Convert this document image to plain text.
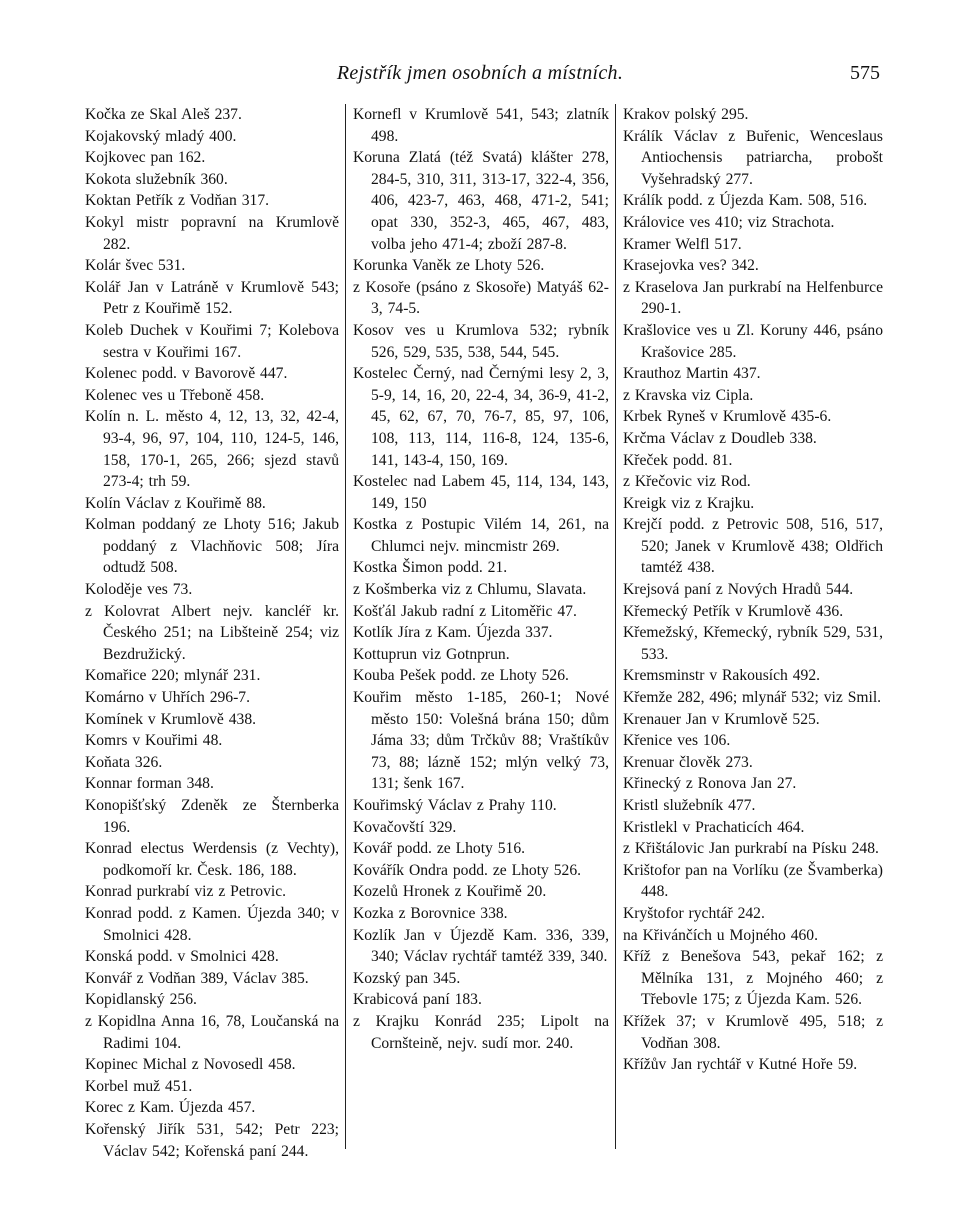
Rejstřík jmen osobních a místních.	575
Kočka ze Skal Aleš 237.
Kojakovský mladý 400.
Kojkovec pan 162.
Kokota služebník 360.
Koktan Petřík z Vodňan 317.
Kokyl mistr popravní na Krumlově 282.
Kolár švec 531.
Kolář Jan v Latráně v Krumlově 543; Petr z Kouřimě 152.
Koleb Duchek v Kouřimi 7; Kolebova sestra v Kouřimi 167.
Kolenec podd. v Bavorově 447.
Kolenec ves u Třeboně 458.
Kolín n. L. město 4, 12, 13, 32, 42-4, 93-4, 96, 97, 104, 110, 124-5, 146, 158, 170-1, 265, 266; sjezd stavů 273-4; trh 59.
Kolín Václav z Kouřimě 88.
Kolman poddaný ze Lhoty 516; Jakub poddaný z Vlachňovic 508; Jíra odtudž 508.
Koloděje ves 73.
z Kolovrat Albert nejv. kancléř kr. Českého 251; na Libšteině 254; viz Bezdružický.
Komařice 220; mlynář 231.
Komárno v Uhřích 296-7.
Komínek v Krumlově 438.
Komrs v Kouřimi 48.
Koňata 326.
Konnar forman 348.
Konopišťský Zdeněk ze Šternberka 196.
Konrad electus Werdensis (z Vechty), podkomoří kr. Česk. 186, 188.
Konrad purkrabí viz z Petrovic.
Konrad podd. z Kamen. Újezda 340; v Smolnici 428.
Konská podd. v Smolnici 428.
Konvář z Vodňan 389, Václav 385.
Kopidlanský 256.
z Kopidlna Anna 16, 78, Loučanská na Radimi 104.
Kopinec Michal z Novosedl 458.
Korbel muž 451.
Korec z Kam. Újezda 457.
Kořenský Jiřík 531, 542; Petr 223; Václav 542; Kořenská paní 244.
Kornefl v Krumlově 541, 543; zlatník 498.
Koruna Zlatá (též Svatá) klášter 278, 284-5, 310, 311, 313-17, 322-4, 356, 406, 423-7, 463, 468, 471-2, 541; opat 330, 352-3, 465, 467, 483, volba jeho 471-4; zboží 287-8.
Korunka Vaněk ze Lhoty 526.
z Kosoře (psáno z Skosoře) Matyáš 62-3, 74-5.
Kosov ves u Krumlova 532; rybník 526, 529, 535, 538, 544, 545.
Kostelec Černý, nad Černými lesy 2, 3, 5-9, 14, 16, 20, 22-4, 34, 36-9, 41-2, 45, 62, 67, 70, 76-7, 85, 97, 106, 108, 113, 114, 116-8, 124, 135-6, 141, 143-4, 150, 169.
Kostelec nad Labem 45, 114, 134, 143, 149, 150
Kostka z Postupic Vilém 14, 261, na Chlumci nejv. mincmistr 269.
Kostka Šimon podd. 21.
z Košmberka viz z Chlumu, Slavata.
Košťál Jakub radní z Litoměřic 47.
Kotlík Jíra z Kam. Újezda 337.
Kottuprun viz Gotnprun.
Kouba Pešek podd. ze Lhoty 526.
Kouřim město 1-185, 260-1; Nové město 150: Volešná brána 150; dům Jáma 33; dům Trčkův 88; Vraštíkův 73, 88; lázně 152; mlýn velký 73, 131; šenk 167.
Kouřimský Václav z Prahy 110.
Kovačovští 329.
Kovář podd. ze Lhoty 516.
Kovářík Ondra podd. ze Lhoty 526.
Kozelů Hronek z Kouřimě 20.
Kozka z Borovnice 338.
Kozlík Jan v Újezdě Kam. 336, 339, 340; Václav rychtář tamtéž 339, 340.
Kozský pan 345.
Krabicová paní 183.
z Krajku Konrád 235; Lipolt na Cornšteině, nejv. sudí mor. 240.
Krakov polský 295.
Králík Václav z Buřenic, Wenceslaus Antiochensis patriarcha, probošt Vyšehradský 277.
Králík podd. z Újezda Kam. 508, 516.
Královice ves 410; viz Strachota.
Kramer Welfl 517.
Krasejovka ves? 342.
z Kraselova Jan purkrabí na Helfenburce 290-1.
Krašlovice ves u Zl. Koruny 446, psáno Krašovice 285.
Krauthoz Martin 437.
z Kravska viz Cipla.
Krbek Ryneš v Krumlově 435-6.
Krčma Václav z Doudleb 338.
Křeček podd. 81.
z Křečovic viz Rod.
Kreigk viz z Krajku.
Krejčí podd. z Petrovic 508, 516, 517, 520; Janek v Krumlově 438; Oldřich tamtéž 438.
Krejsová paní z Nových Hradů 544.
Křemecký Petřík v Krumlově 436.
Křemežský, Křemecký, rybník 529, 531, 533.
Kremsminstr v Rakousích 492.
Křemže 282, 496; mlynář 532; viz Smil.
Krenauer Jan v Krumlově 525.
Křenice ves 106.
Krenuar člověk 273.
Křinecký z Ronova Jan 27.
Kristl služebník 477.
Kristlekl v Prachaticích 464.
z Křištálovic Jan purkrabí na Písku 248.
Krištofor pan na Vorlíku (ze Švamberka) 448.
Kryštofor rychtář 242.
na Křivánčích u Mojného 460.
Kříž z Benešova 543, pekař 162; z Mělníka 131, z Mojného 460; z Třebovle 175; z Újezda Kam. 526.
Křížek 37; v Krumlově 495, 518; z Vodňan 308.
Křížův Jan rychtář v Kutné Hoře 59.
